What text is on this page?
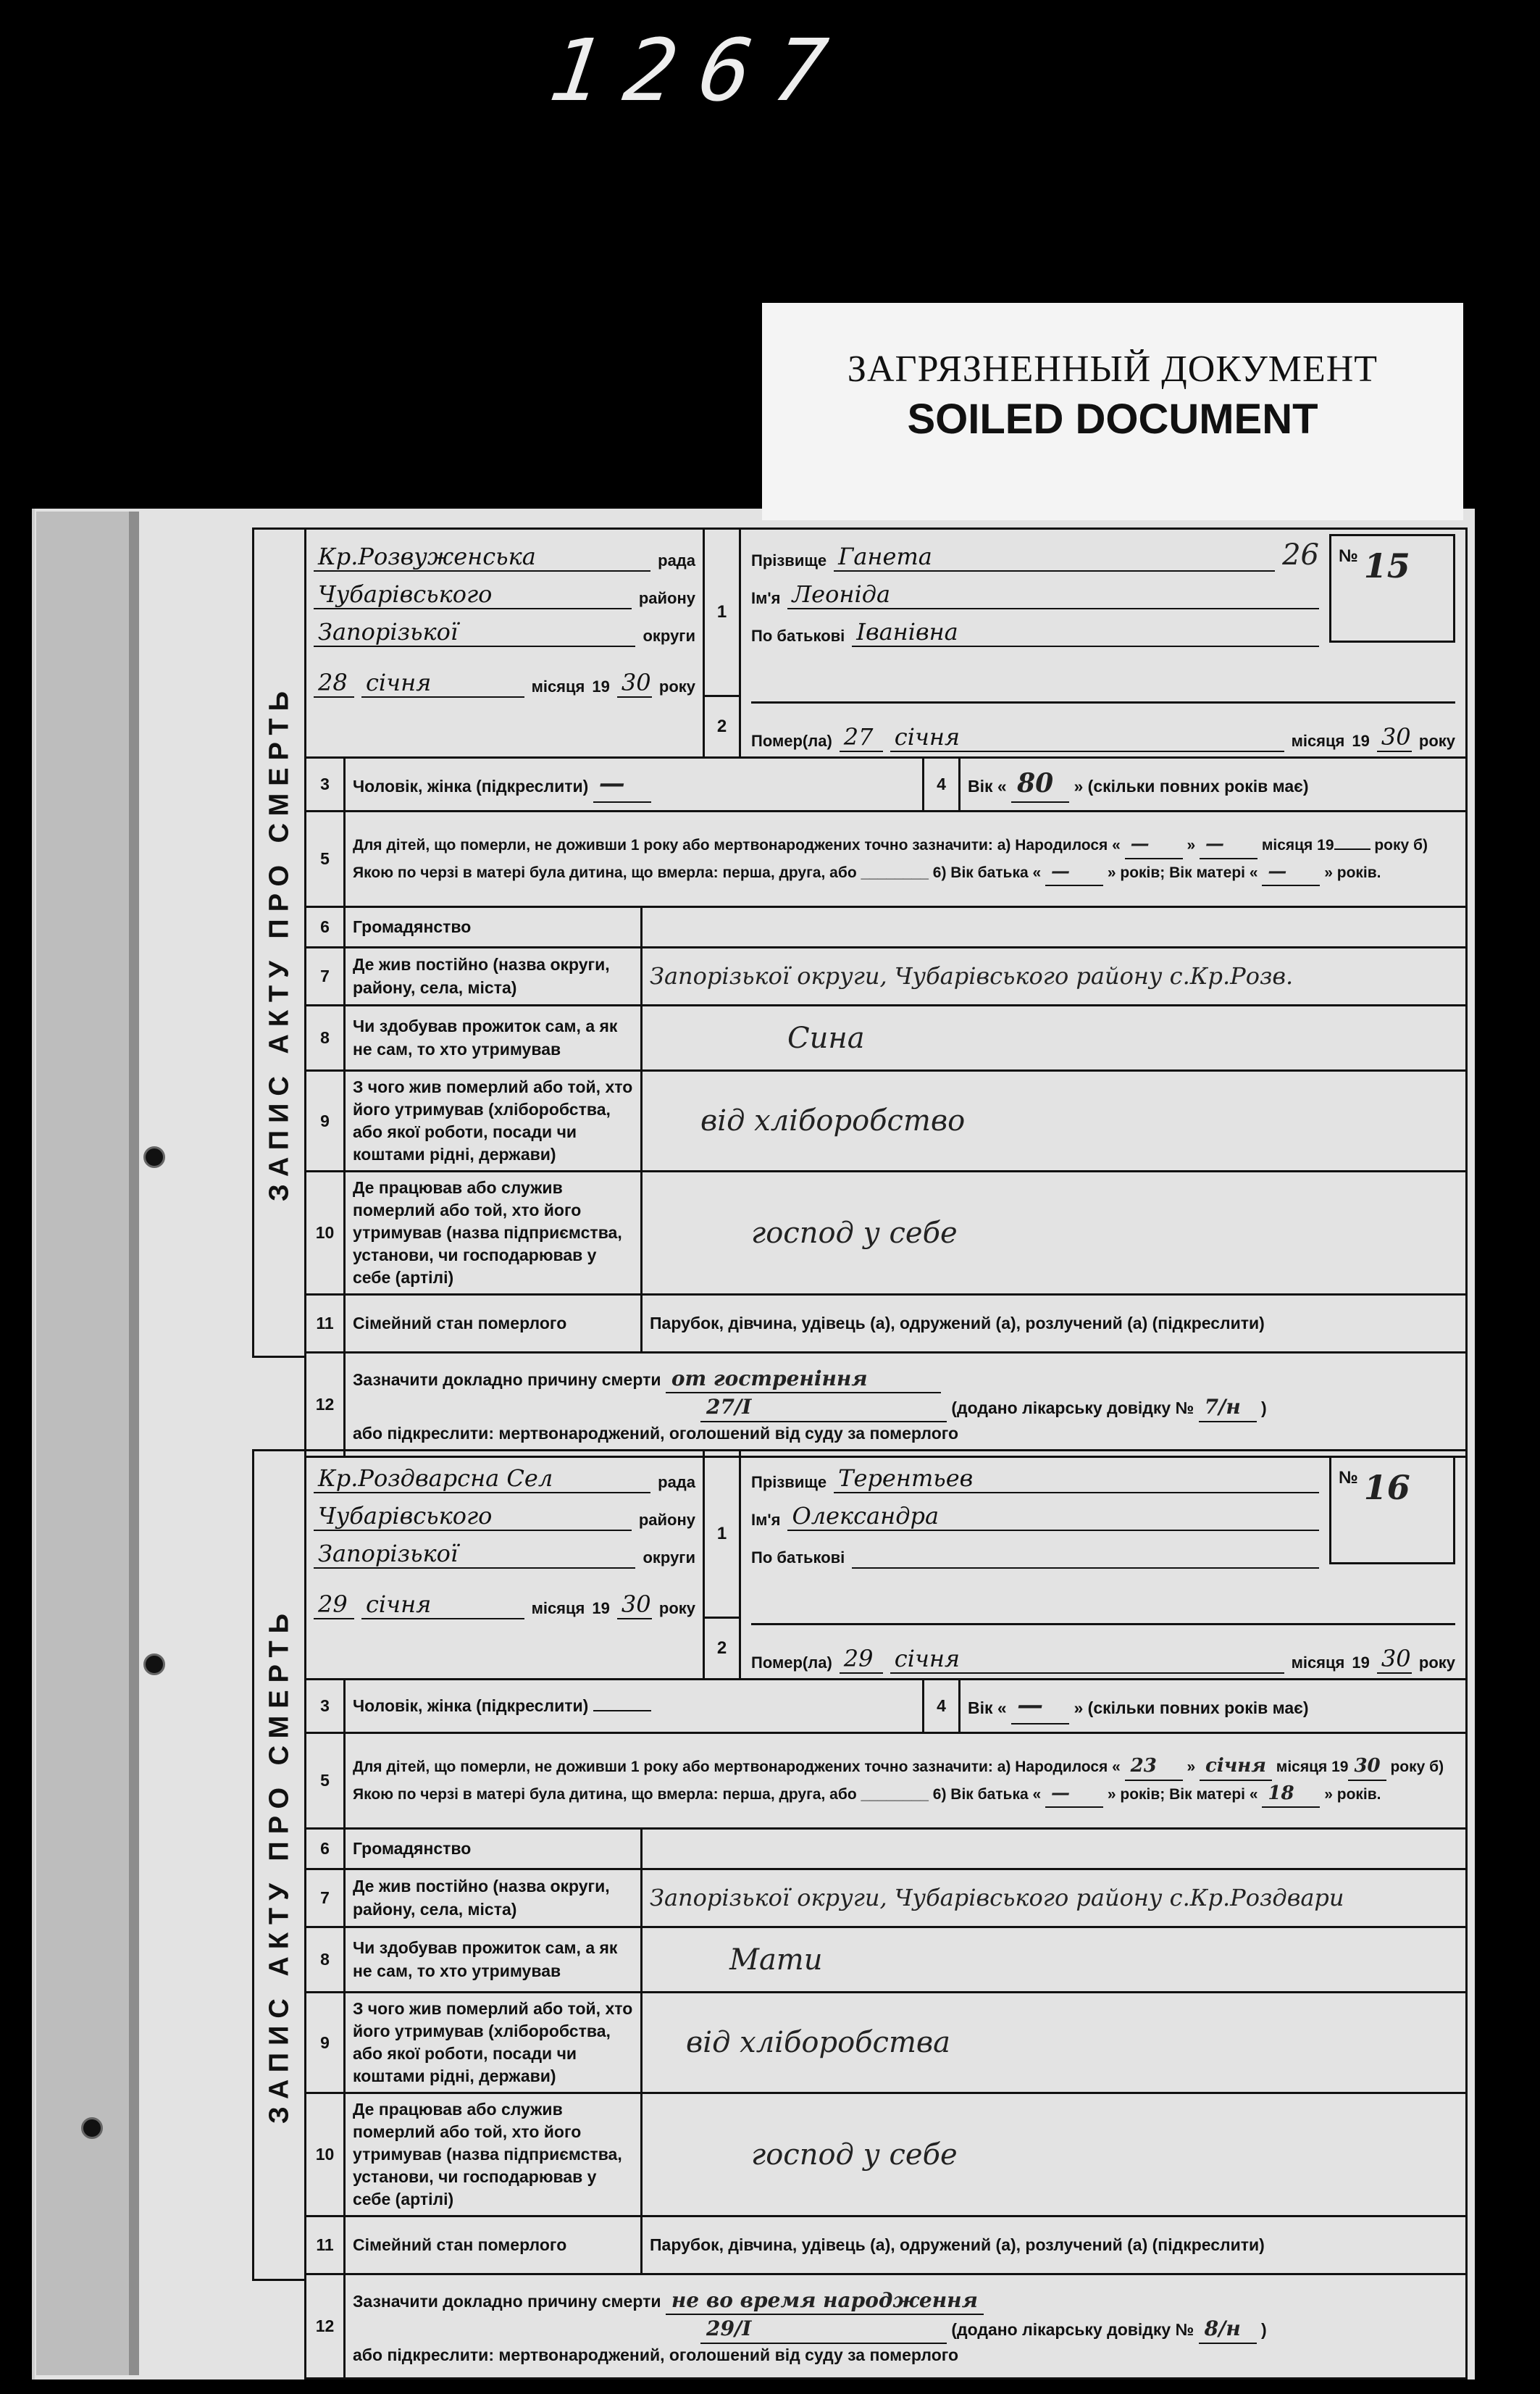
1267
ЗАГРЯЗНЕННЫЙ ДОКУМЕНТ
SOILED DOCUMENT
ЗАПИС АКТУ ПРО СМЕРТЬ
Кр.Розвуженська	рада
Чубарівського	району
Запорізької	округи
28 січня	місяця 19 30 року
1
2
Прізвище Ганета	26
Ім'я Леоніда
По батькові Іванівна
№ 15
Помер(ла) 27 січня	місяця 19 30 року
3	Чоловік, жінка (підкреслити) —		4	Вік « 80 » (скільки повних років має)
5	Для дітей, що померли, не доживши 1 року або мертвонароджених точно зазначити: а) Народилося « — » — місяця 19 року б) Якою по черзі в матері була дитина, що вмерла: перша, друга, або ________ 6) Вік батька « — » років; Вік матері « — » років.			
6	Громадянство			
7	Де жив постійно (назва округи, району, села, міста)	Запорізької округи, Чубарівського району с.Кр.Розв.		
8	Чи здобував прожиток сам, а як не сам, то хто утримував	Сина		
9	З чого жив померлий або той, хто його утримував (хліборобства, або якої роботи, посади чи коштами рідні, держави)	від хліборобство		
10	Де працював або служив померлий або той, хто його утримував (назва підприємства, установи, чи господарював у себе (артілі)	господ у себе		
11	Сімейний стан померлого	Парубок, дівчина, удівець (а), одружений (а), розлучений (а) (підкреслити)		
12	Зазначити докладно причину смерти от гостреніння
27/I (додано лікарську довідку № 7/н )
або підкреслити: мертвонароджений, оголошений від суду за померлого			
ЗАПИС АКТУ ПРО СМЕРТЬ
Кр.Роздварсна Сел	рада
Чубарівського	району
Запорізької	округи
29 січня	місяця 19 30 року
1
2
Прізвище Терентьев
Ім'я Олександра
По батькові
№ 16
Помер(ла) 29 січня	місяця 19 30 року
3	Чоловік, жінка (підкреслити)		4	Вік « — » (скільки повних років має)
5	Для дітей, що померли, не доживши 1 року або мертвонароджених точно зазначити: а) Народилося « 23 » січня місяця 19 30 року б) Якою по черзі в матері була дитина, що вмерла: перша, друга, або ________ 6) Вік батька « — » років; Вік матері « 18 » років.			
6	Громадянство			
7	Де жив постійно (назва округи, району, села, міста)	Запорізької округи, Чубарівського району с.Кр.Роздвари		
8	Чи здобував прожиток сам, а як не сам, то хто утримував	Мати		
9	З чого жив померлий або той, хто його утримував (хліборобства, або якої роботи, посади чи коштами рідні, держави)	від хліборобства		
10	Де працював або служив померлий або той, хто його утримував (назва підприємства, установи, чи господарював у себе (артілі)	господ у себе		
11	Сімейний стан померлого	Парубок, дівчина, удівець (а), одружений (а), розлучений (а) (підкреслити)		
12	Зазначити докладно причину смерти не во время народження
29/I (додано лікарську довідку № 8/н )
або підкреслити: мертвонароджений, оголошений від суду за померлого			
